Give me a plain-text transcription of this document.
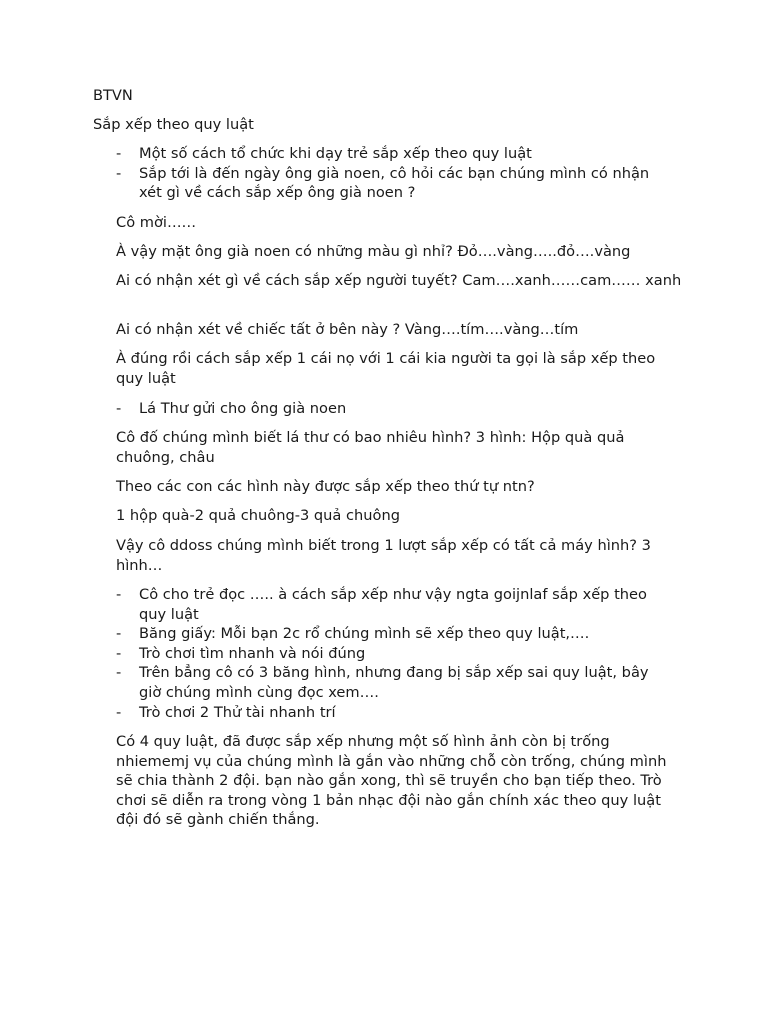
BTVN

Sắp xếp theo quy luật

- Một số cách tổ chức khi dạy trẻ sắp xếp theo quy luật
- Sắp tới là đến ngày ông già noen, cô hỏi các bạn chúng mình có nhận xét gì về cách sắp xếp ông già noen ?

Cô mời……

À vậy mặt ông già noen có những màu gì nhỉ? Đỏ….vàng…..đỏ….vàng

Ai có nhận xét gì về cách sắp xếp người tuyết? Cam….xanh……cam…… xanh

Ai có nhận xét về chiếc tất ở bên này ? Vàng….tím….vàng…tím

À đúng rồi cách sắp xếp 1 cái nọ với 1 cái kia người ta gọi là sắp xếp theo quy luật

- Lá Thư gửi cho ông già noen

Cô đố chúng mình biết lá thư có bao nhiêu hình? 3 hình: Hộp quà quả chuông, châu

Theo các con các hình này được sắp xếp theo thứ tự ntn?

1 hộp quà-2 quả chuông-3 quả chuông

Vậy cô ddoss chúng mình biết trong 1 lượt sắp xếp có tất cả máy hình? 3 hình…

- Cô cho trẻ đọc ….. à cách sắp xếp như vậy ngta goijnlaf sắp xếp theo quy luật
- Băng giấy: Mỗi bạn 2c rổ chúng mình sẽ xếp theo quy luật,….
- Trò chơi tìm nhanh và nói đúng
- Trên bẳng cô có 3 băng hình, nhưng đang bị sắp xếp sai quy luật, bây giờ chúng mình cùng đọc xem….
- Trò chơi 2 Thử tài nhanh trí

Có 4 quy luật, đã được sắp xếp nhưng một số hình ảnh còn bị trống nhiememj vụ của chúng mình là gắn vào những chỗ còn trống, chúng mình sẽ chia thành 2 đội. bạn nào gắn xong, thì sẽ truyền cho bạn tiếp theo. Trò chơi sẽ diễn ra trong vòng 1 bản nhạc đội nào gắn chính xác theo quy luật đội đó sẽ gành chiến thắng.
